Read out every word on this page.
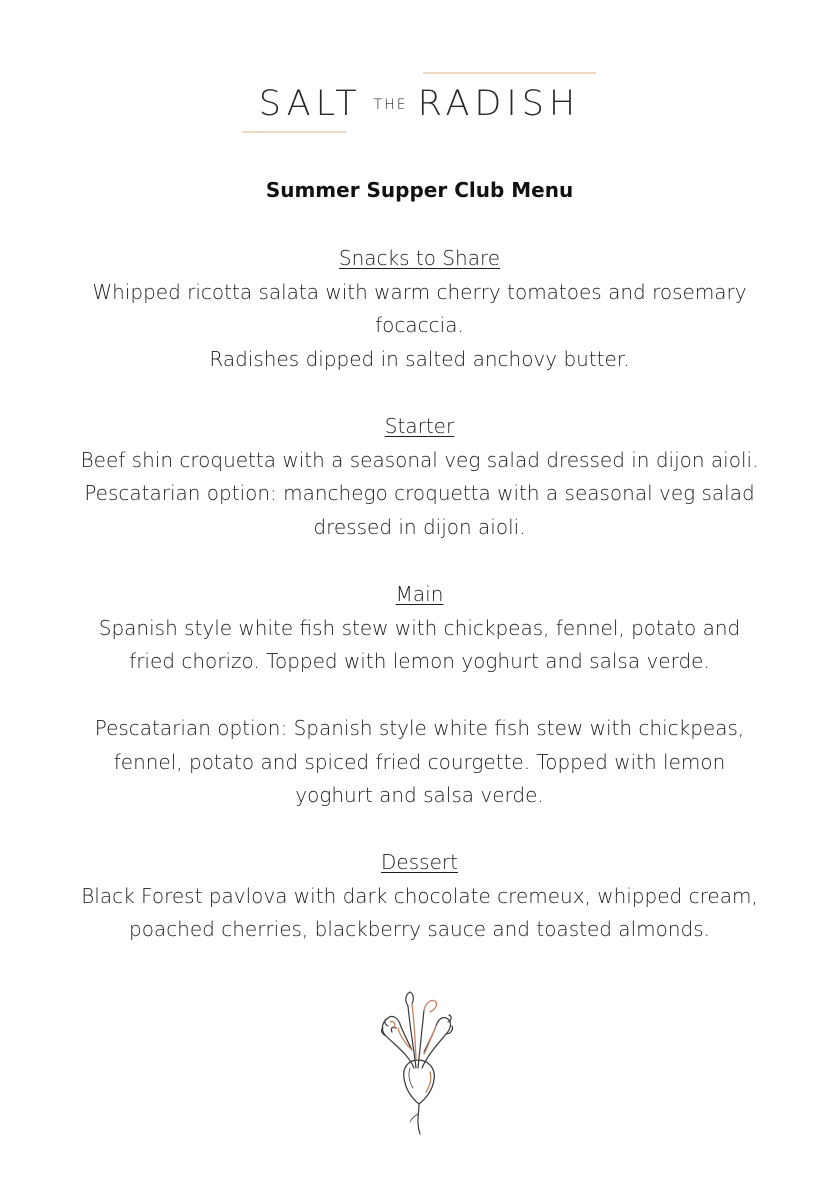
SALT THE RADISH
Summer Supper Club Menu
Snacks to Share
Whipped ricotta salata with warm cherry tomatoes and rosemary
focaccia.
Radishes dipped in salted anchovy butter.
Starter
Beef shin croquetta with a seasonal veg salad dressed in dijon aioli.
Pescatarian option: manchego croquetta with a seasonal veg salad
dressed in dijon aioli.
Main
Spanish style white fish stew with chickpeas, fennel, potato and
fried chorizo. Topped with lemon yoghurt and salsa verde.
Pescatarian option: Spanish style white fish stew with chickpeas,
fennel, potato and spiced fried courgette. Topped with lemon
yoghurt and salsa verde.
Dessert
Black Forest pavlova with dark chocolate cremeux, whipped cream,
poached cherries, blackberry sauce and toasted almonds.
